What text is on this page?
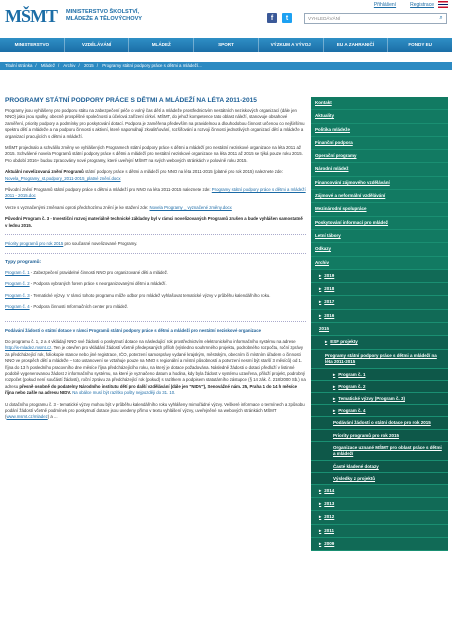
MŠMT MINISTERSTVO ŠKOLSTVÍ,
MLÁDEŽE A TĚLOVÝCHOVY
Přihlášení	Registrace
f	t	VYHLEDÁVÁNÍ	⌕
MINISTERSTVO	VZDĚLÁVÁNÍ	MLÁDEŽ	SPORT	VÝZKUM A VÝVOJ	EU A ZAHRANIČÍ	FONDY EU
Titulní stránka / Mládež / Archiv / 2015 / Programy státní podpory práce s dětmi a mládeží...
PROGRAMY STÁTNÍ PODPORY PRÁCE S DĚTMI A MLÁDEŽÍ NA LÉTA 2011-2015

Programy jsou vyhlášeny pro podporu státu na zabezpečení péče o volný čas dětí a mládeže prostřednictvím nestátních neziskových organizací (dále jen NNO) jako jsou spolky, obecně prospěšné společnosti a účelová zařízení církví. MŠMT, do jehož kompetence tato oblast náleží, stanovuje obsahové zaměření, priority podpory a podmínky pro poskytování dotací. Podpora je zaměřena především na pravidelnou a dlouhodobou činnost určenou co nejširšímu spektru dětí a mládeže a na podporu činnosti s aktivní, které napomáhají zkvalitňování, rozšiřování a rozvoji činnosti jednotlivých organizací dětí a mládeže a organizací pracujících s dětmi a mládeží.

MŠMT projednalo a schválilo změny ve vyhlášených Programech státní podpory práce s dětmi a mládeží pro nestátní neziskové organizace na léta 2011 až 2015. Schválené novela Programů státní podpory práce s dětmi a mládeží pro nestátní neziskové organizace na léta 2011 až 2015 se týká pouze roku 2015. Pro období 2016+ budou zpracovány nové programy, které uveřejní MŠMT na svých webových stránkách v polovině roku 2015.

Aktuální novelizovaná znění Programů státní podpory práce s dětmi a mládeží pro NNO na léta 2011-2015 (platné pro rok 2015) naleznete zde: Novela_Programy_st.podpory_2011-2015_platné znění.docx

Původní znění Programů státní podpory práce s dětmi a mládeží pro NNO na léta 2011-2015 naleznete zde: Programy státní podpory práce s dětmi a mládeží 2011 - 2015.doc

Verze s vyznačenými změnami oproti předchozímu znění je ke stažení zde: Novela Programy _ vyznačené změny.docx

Původní Program č. 3 - Investiční rozvoj materiálně technické základny byl v rámci novelizovaných Programů zrušen a bude vyhlášen samostatně v lednu 2015.

Priority programů pro rok 2015 pro současné novelizované Programy.

Typy programů:

Program č. 1 - Zabezpečení pravidelné činnosti NNO pro organizované děti a mládež.

Program č. 2 - Podpora vybraných forem práce s neorganizovanými dětmi a mládeží.

Program č. 3 - Tematické výzvy. V rámci tohoto programu může odbor pro mládež vyhlašovat tematické výzvy v průběhu kalendářního roku.

Program č. 4 - Podpora činnosti Informačních center pro mládež.

Podávání žádostí o státní dotace v rámci Programů státní podpory práce s dětmi a mládeží pro nestátní neziskové organizace

Do programu č. 1, 2 a 4 vkládají NNO své žádosti o poskytnutí dotace na následující rok prostřednictvím elektronického informačního systému na adrese http://is-mladez.msmt.cz. Ten je otevřen pro vkládání žádostí včetně předepsaných příloh (výsledno souhrnného projektu, podrobného rozpočtu, roční zprávy za předcházející rok, foliokopie stanov nebo jiné registrace, IČO, potvrzení samosprávy vydané krajským, městským, obecním či místním úřadem o činnosti NNO ve prospěch dětí a mládeže – toto ustanovení se vztahuje pouze na NNO s regionální a místní působností a potvrzení nesmí být starší 3 měsíců) od 1. října do 13 h posledního pracovního dne měsíce října předcházejícího roku, na který je dotace požadována. Následně žádosti o dotaci předloží v listinné podobě vygenerovanou žádost z informačního systému, na které je vyznačeno datum a hodina, kdy byla žádost v systému uzavřena, přiloží projekt, podrobný rozpočet (pokud není součástí žádosti), roční zprávu za předcházející rok (pokud) s razítkem a podpisem statutárního zástupce (§ 14 zák. č. 218/2000 Sb.) na adresu přesně osobně do podatelny Národního institutu dětí pro další vzdělávání (dále jen "NIDV"), Senovážné nám. 25, Praha 1 do 14 h měsíce října nebo zašle na adresu NIDV. Na obálce musí být razítko pošty nejpozději do 31. 10.

U dotačního programu č. 3 - tematické výzvy mohou být v průběhu kalendářního roku vyhlášeny mimořádné výzvy. Veškeré informace o termínech a způsobu podání žádostí včetně podmínek pro poskytnutí dotace jsou uvedeny přímo v textu vyhlášení výzvy, uveřejněné na webových stránkách MŠMT (www.msmt.cz/mladez) a ...

Kontakt
Aktuality
Politika mládeže
Finanční podpora
Operační programy
Národní mládež
Financování zájmového vzdělávání
Zájmové a neformální vzdělávání
Mezinárodní spolupráce
Poskytování informací pro mládež
Letní tábory
Odkazy
Archiv
▸ 2019
▸ 2018
▸ 2017
▸ 2016
2015
▸ ESF projekty
Programy státní podpory práce s dětmi a mládeží na léta 2011-2015
▸ Program č. 1
▸ Program č. 2
▸ Tematické výzvy (Program č. 3)
▸ Program č. 4
Podávání žádostí o státní dotace pro rok 2015
Priority programů pro rok 2015
Organizace uznané MŠMT pro oblast práce s dětmi a mládeží
Časté kladené dotazy
Výsledky z projektů
▸ 2014
▸ 2013
▸ 2012
▸ 2011
▸ 2009
